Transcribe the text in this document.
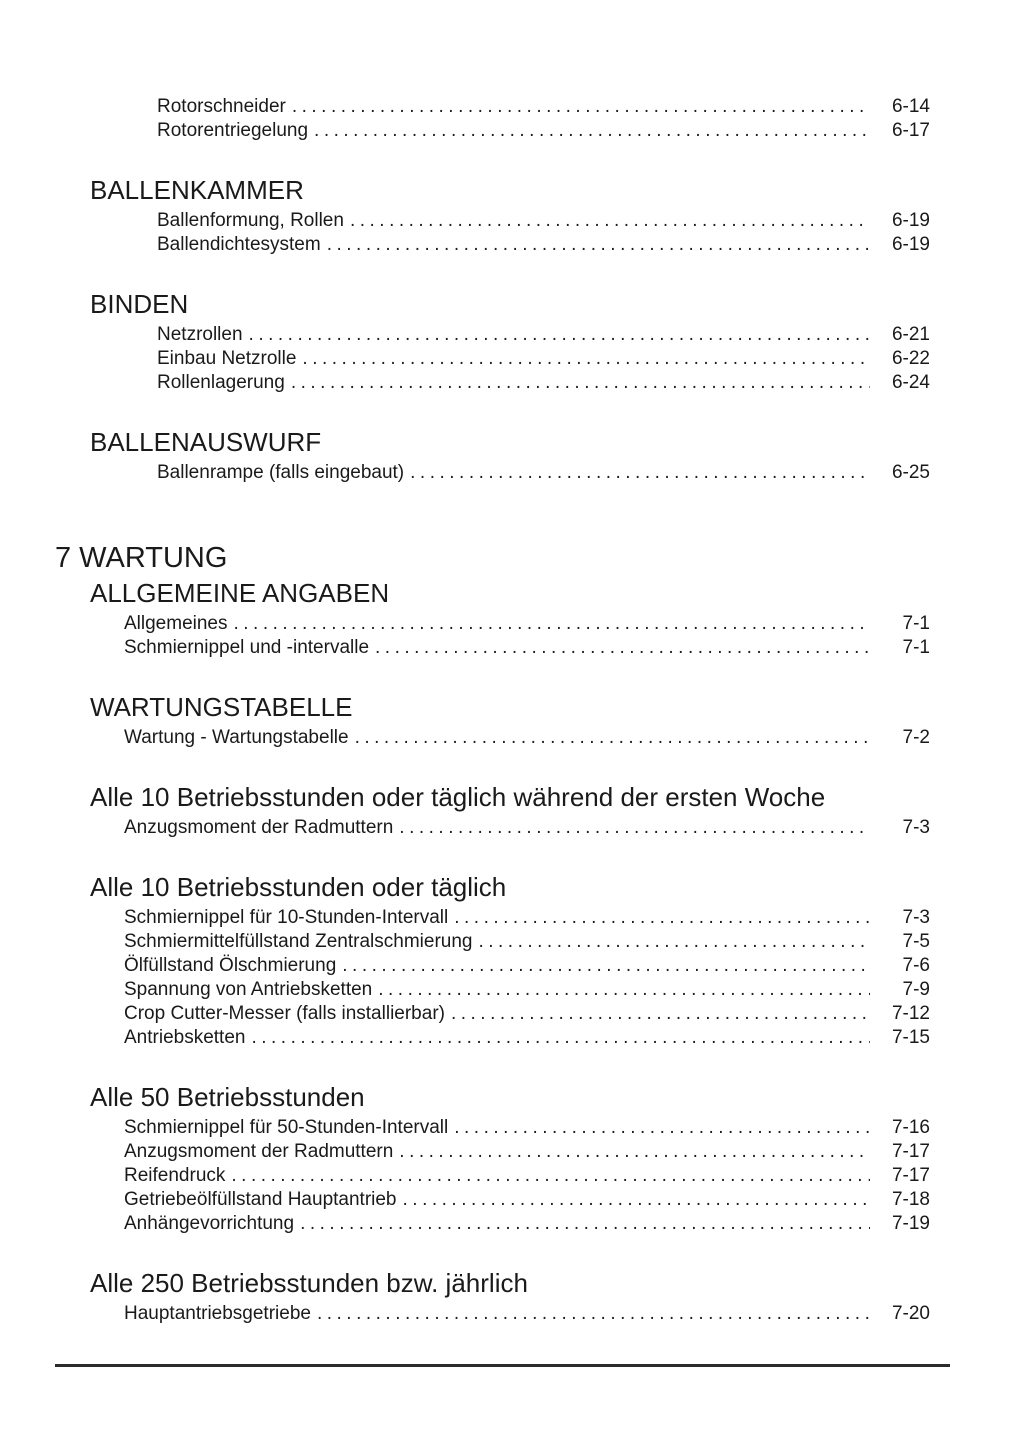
Rotorschneider .....	6-14
Rotorentriegelung .....	6-17
BALLENKAMMER
Ballenformung, Rollen .....	6-19
Ballendichtesystem .....	6-19
BINDEN
Netzrollen .....	6-21
Einbau Netzrolle .....	6-22
Rollenlagerung .....	6-24
BALLENAUSWURF
Ballenrampe (falls eingebaut) .....	6-25
7 WARTUNG
ALLGEMEINE ANGABEN
Allgemeines .....	7-1
Schmiernippel und -intervalle .....	7-1
WARTUNGSTABELLE
Wartung - Wartungstabelle .....	7-2
Alle 10 Betriebsstunden oder täglich während der ersten Woche
Anzugsmoment der Radmuttern .....	7-3
Alle 10 Betriebsstunden oder täglich
Schmiernippel für 10-Stunden-Intervall .....	7-3
Schmiermittelfüllstand Zentralschmierung .....	7-5
Ölfüllstand Ölschmierung .....	7-6
Spannung von Antriebsketten .....	7-9
Crop Cutter-Messer (falls installierbar) .....	7-12
Antriebsketten .....	7-15
Alle 50 Betriebsstunden
Schmiernippel für 50-Stunden-Intervall .....	7-16
Anzugsmoment der Radmuttern .....	7-17
Reifendruck .....	7-17
Getriebeölfüllstand Hauptantrieb .....	7-18
Anhängevorrichtung .....	7-19
Alle 250 Betriebsstunden bzw. jährlich
Hauptantriebsgetriebe .....	7-20
